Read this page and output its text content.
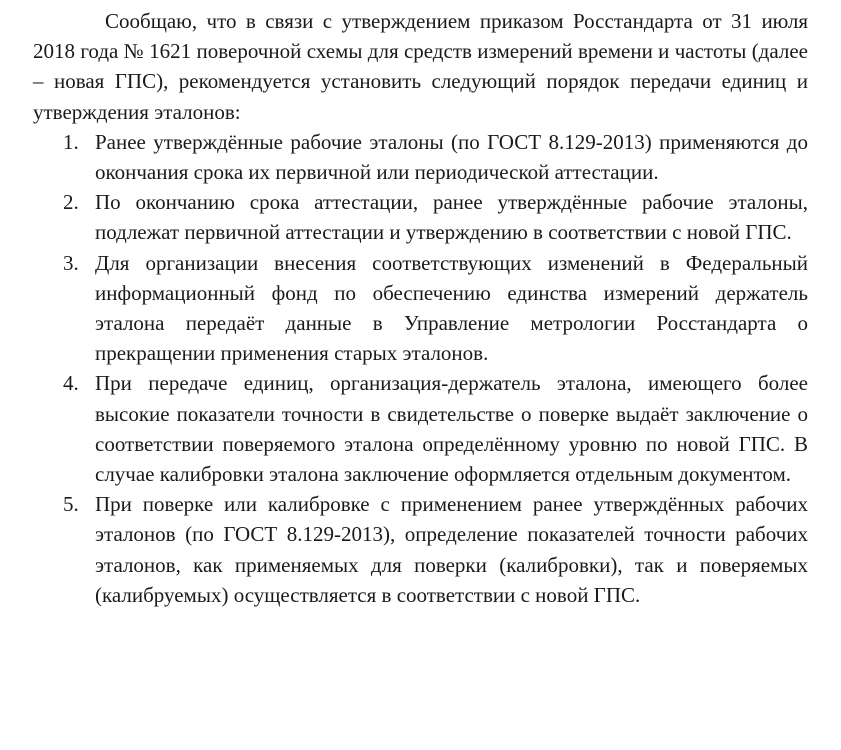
Сообщаю, что в связи с утверждением приказом Росстандарта от 31 июля 2018 года № 1621 поверочной схемы для средств измерений времени и частоты (далее – новая ГПС), рекомендуется установить следующий порядок передачи единиц и утверждения эталонов:

1. Ранее утверждённые рабочие эталоны (по ГОСТ 8.129-2013) применяются до окончания срока их первичной или периодической аттестации.
2. По окончанию срока аттестации, ранее утверждённые рабочие эталоны, подлежат первичной аттестации и утверждению в соответствии с новой ГПС.
3. Для организации внесения соответствующих изменений в Федеральный информационный фонд по обеспечению единства измерений держатель эталона передаёт данные в Управление метрологии Росстандарта о прекращении применения старых эталонов.
4. При передаче единиц, организация-держатель эталона, имеющего более высокие показатели точности в свидетельстве о поверке выдаёт заключение о соответствии поверяемого эталона определённому уровню по новой ГПС. В случае калибровки эталона заключение оформляется отдельным документом.
5. При поверке или калибровке с применением ранее утверждённых рабочих эталонов (по ГОСТ 8.129-2013), определение показателей точности рабочих эталонов, как применяемых для поверки (калибровки), так и поверяемых (калибруемых) осуществляется в соответствии с новой ГПС.
